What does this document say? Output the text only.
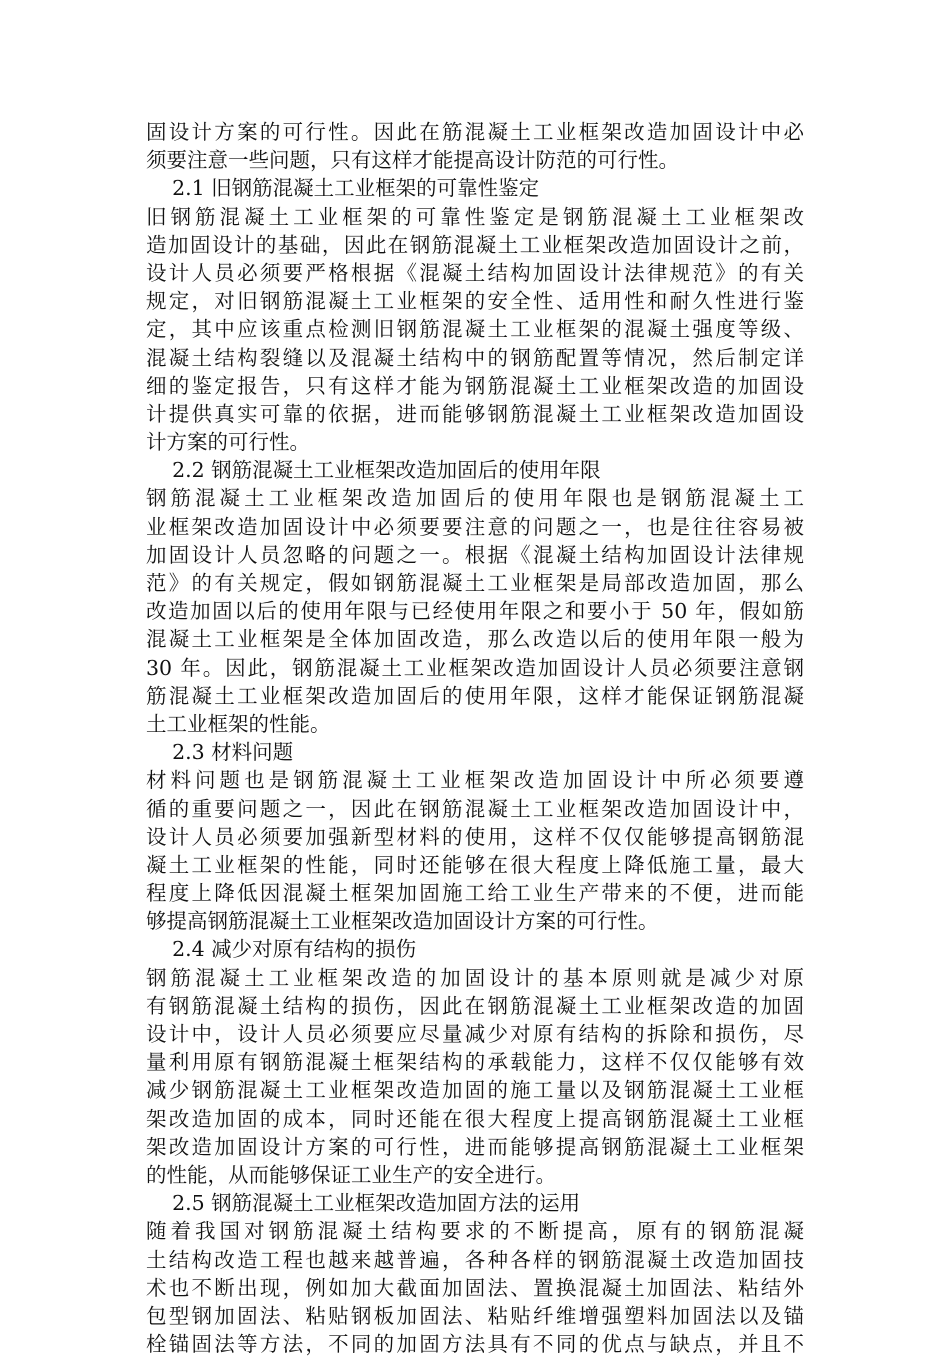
固设计方案的可行性。因此在筋混凝土工业框架改造加固设计中必
须要注意一些问题，只有这样才能提高设计防范的可行性。
2.1 旧钢筋混凝土工业框架的可靠性鉴定
旧钢筋混凝土工业框架的可靠性鉴定是钢筋混凝土工业框架改
造加固设计的基础，因此在钢筋混凝土工业框架改造加固设计之前，
设计人员必须要严格根据《混凝土结构加固设计法律规范》的有关
规定，对旧钢筋混凝土工业框架的安全性、适用性和耐久性进行鉴
定，其中应该重点检测旧钢筋混凝土工业框架的混凝土强度等级、
混凝土结构裂缝以及混凝土结构中的钢筋配置等情况，然后制定详
细的鉴定报告，只有这样才能为钢筋混凝土工业框架改造的加固设
计提供真实可靠的依据，进而能够钢筋混凝土工业框架改造加固设
计方案的可行性。
2.2 钢筋混凝土工业框架改造加固后的使用年限
钢筋混凝土工业框架改造加固后的使用年限也是钢筋混凝土工
业框架改造加固设计中必须要要注意的问题之一，也是往往容易被
加固设计人员忽略的问题之一。根据《混凝土结构加固设计法律规
范》的有关规定，假如钢筋混凝土工业框架是局部改造加固，那么
改造加固以后的使用年限与已经使用年限之和要小于 50 年，假如筋
混凝土工业框架是全体加固改造，那么改造以后的使用年限一般为
30 年。因此，钢筋混凝土工业框架改造加固设计人员必须要注意钢
筋混凝土工业框架改造加固后的使用年限，这样才能保证钢筋混凝
土工业框架的性能。
2.3 材料问题
材料问题也是钢筋混凝土工业框架改造加固设计中所必须要遵
循的重要问题之一，因此在钢筋混凝土工业框架改造加固设计中，
设计人员必须要加强新型材料的使用，这样不仅仅能够提高钢筋混
凝土工业框架的性能，同时还能够在很大程度上降低施工量，最大
程度上降低因混凝土框架加固施工给工业生产带来的不便，进而能
够提高钢筋混凝土工业框架改造加固设计方案的可行性。
2.4 减少对原有结构的损伤
钢筋混凝土工业框架改造的加固设计的基本原则就是减少对原
有钢筋混凝土结构的损伤，因此在钢筋混凝土工业框架改造的加固
设计中，设计人员必须要应尽量减少对原有结构的拆除和损伤，尽
量利用原有钢筋混凝土框架结构的承载能力，这样不仅仅能够有效
减少钢筋混凝土工业框架改造加固的施工量以及钢筋混凝土工业框
架改造加固的成本，同时还能在很大程度上提高钢筋混凝土工业框
架改造加固设计方案的可行性，进而能够提高钢筋混凝土工业框架
的性能，从而能够保证工业生产的安全进行。
2.5 钢筋混凝土工业框架改造加固方法的运用
随着我国对钢筋混凝土结构要求的不断提高，原有的钢筋混凝
土结构改造工程也越来越普遍，各种各样的钢筋混凝土改造加固技
术也不断出现，例如加大截面加固法、置换混凝土加固法、粘结外
包型钢加固法、粘贴钢板加固法、粘贴纤维增强塑料加固法以及锚
栓锚固法等方法，不同的加固方法具有不同的优点与缺点，并且不
